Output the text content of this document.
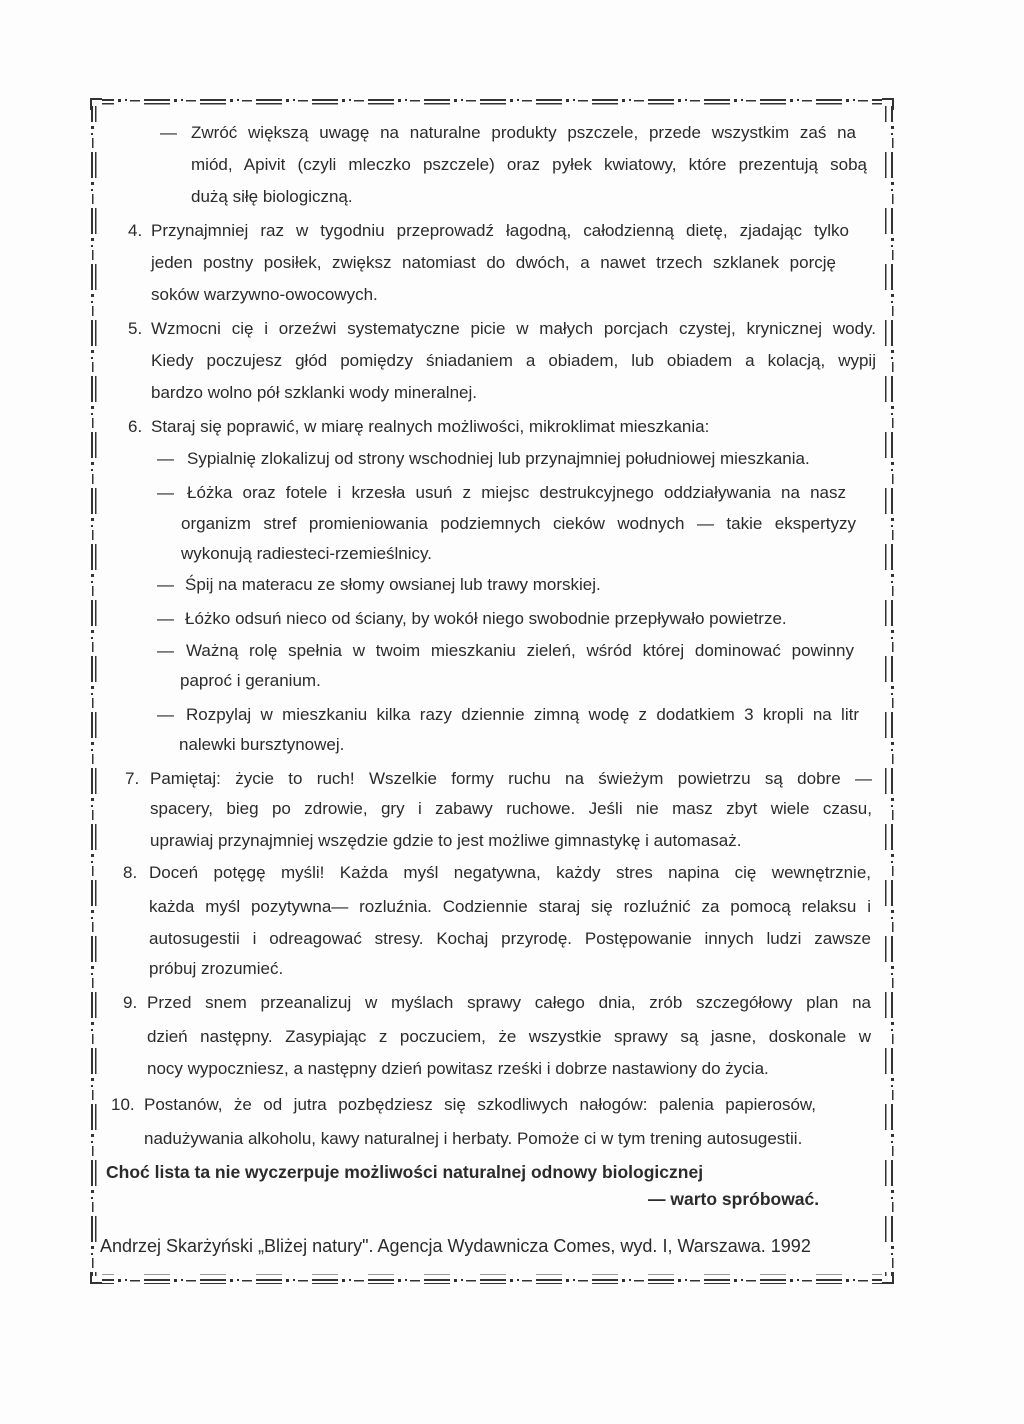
— Zwróć większą uwagę na naturalne produkty pszczele, przede wszystkim zaś na
miód, Apivit (czyli mleczko pszczele) oraz pyłek kwiatowy, które prezentują sobą
dużą siłę biologiczną.
4. Przynajmniej raz w tygodniu przeprowadź łagodną, całodzienną dietę, zjadając tylko
jeden postny posiłek, zwiększ natomiast do dwóch, a nawet trzech szklanek porcję
soków warzywno-owocowych.
5. Wzmocni cię i orzeźwi systematyczne picie w małych porcjach czystej, krynicznej wody.
Kiedy poczujesz głód pomiędzy śniadaniem a obiadem, lub obiadem a kolacją, wypij
bardzo wolno pół szklanki wody mineralnej.
6. Staraj się poprawić, w miarę realnych możliwości, mikroklimat mieszkania:
— Sypialnię zlokalizuj od strony wschodniej lub przynajmniej południowej mieszkania.
— Łóżka oraz fotele i krzesła usuń z miejsc destrukcyjnego oddziaływania na nasz
organizm stref promieniowania podziemnych cieków wodnych — takie ekspertyzy
wykonują radiesteci-rzemieślnicy.
— Śpij na materacu ze słomy owsianej lub trawy morskiej.
— Łóżko odsuń nieco od ściany, by wokół niego swobodnie przepływało powietrze.
— Ważną rolę spełnia w twoim mieszkaniu zieleń, wśród której dominować powinny
paproć i geranium.
— Rozpylaj w mieszkaniu kilka razy dziennie zimną wodę z dodatkiem 3 kropli na litr
nalewki bursztynowej.
7. Pamiętaj: życie to ruch! Wszelkie formy ruchu na świeżym powietrzu są dobre —
spacery, bieg po zdrowie, gry i zabawy ruchowe. Jeśli nie masz zbyt wiele czasu,
uprawiaj przynajmniej wszędzie gdzie to jest możliwe gimnastykę i automasaż.
8. Doceń potęgę myśli! Każda myśl negatywna, każdy stres napina cię wewnętrznie,
każda myśl pozytywna— rozluźnia. Codziennie staraj się rozluźnić za pomocą relaksu i
autosugestii i odreagować stresy. Kochaj przyrodę. Postępowanie innych ludzi zawsze
próbuj zrozumieć.
9. Przed snem przeanalizuj w myślach sprawy całego dnia, zrób szczegółowy plan na
dzień następny. Zasypiając z poczuciem, że wszystkie sprawy są jasne, doskonale w
nocy wypoczniesz, a następny dzień powitasz rześki i dobrze nastawiony do życia.
10. Postanów, że od jutra pozbędziesz się szkodliwych nałogów: palenia papierosów,
nadużywania alkoholu, kawy naturalnej i herbaty. Pomoże ci w tym trening autosugestii.
Choć lista ta nie wyczerpuje możliwości naturalnej odnowy biologicznej
— warto spróbować.
Andrzej Skarżyński „Bliżej natury". Agencja Wydawnicza Comes, wyd. I, Warszawa. 1992
